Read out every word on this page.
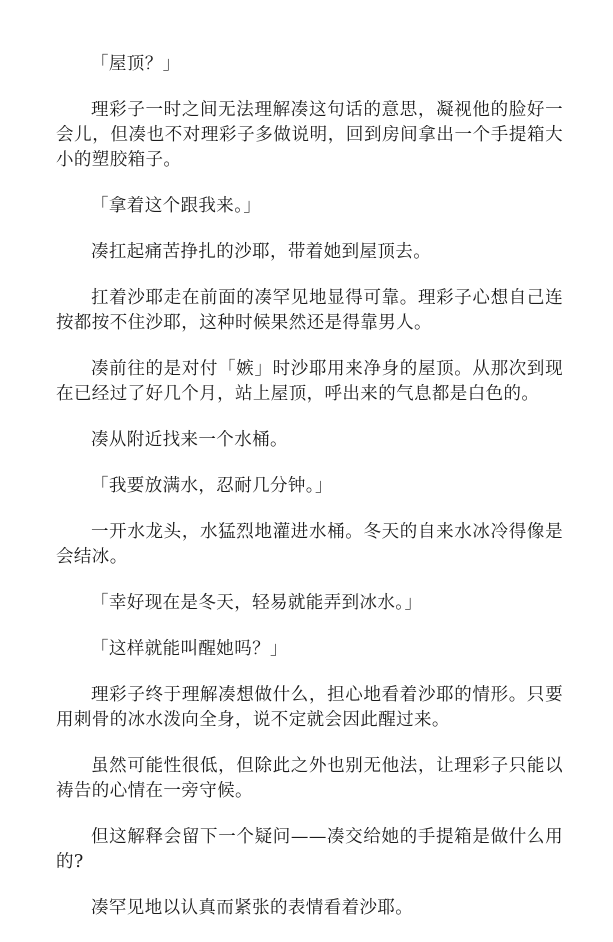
「屋顶？」

理彩子一时之间无法理解凑这句话的意思，凝视他的脸好一会儿，但凑也不对理彩子多做说明，回到房间拿出一个手提箱大小的塑胶箱子。

「拿着这个跟我来。」

凑扛起痛苦挣扎的沙耶，带着她到屋顶去。

扛着沙耶走在前面的凑罕见地显得可靠。理彩子心想自己连按都按不住沙耶，这种时候果然还是得靠男人。

凑前往的是对付「嫉」时沙耶用来净身的屋顶。从那次到现在已经过了好几个月，站上屋顶，呼出来的气息都是白色的。

凑从附近找来一个水桶。

「我要放满水，忍耐几分钟。」

一开水龙头，水猛烈地灌进水桶。冬天的自来水冰冷得像是会结冰。

「幸好现在是冬天，轻易就能弄到冰水。」

「这样就能叫醒她吗？」

理彩子终于理解凑想做什么，担心地看着沙耶的情形。只要用刺骨的冰水泼向全身，说不定就会因此醒过来。

虽然可能性很低，但除此之外也别无他法，让理彩子只能以祷告的心情在一旁守候。

但这解释会留下一个疑问——凑交给她的手提箱是做什么用的?

凑罕见地以认真而紧张的表情看着沙耶。
